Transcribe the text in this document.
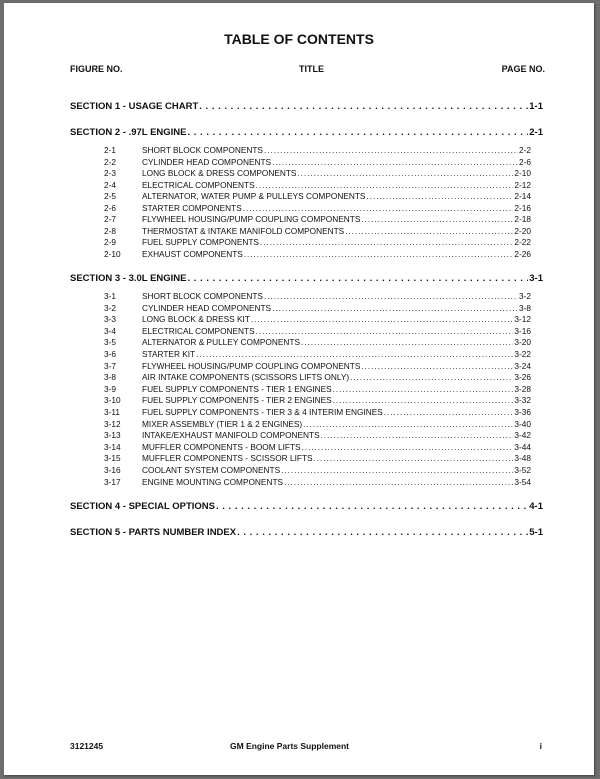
TABLE OF CONTENTS
FIGURE NO.	TITLE	PAGE NO.
SECTION 1 - USAGE CHART . . .	1-1
SECTION 2 - .97L ENGINE . . .	2-1
2-1	SHORT BLOCK COMPONENTS . . .	2-2
2-2	CYLINDER HEAD COMPONENTS . . .	2-6
2-3	LONG BLOCK & DRESS COMPONENTS . . .	2-10
2-4	ELECTRICAL COMPONENTS . . .	2-12
2-5	ALTERNATOR, WATER PUMP & PULLEYS COMPONENTS . . .	2-14
2-6	STARTER COMPONENTS . . .	2-16
2-7	FLYWHEEL HOUSING/PUMP COUPLING COMPONENTS . . .	2-18
2-8	THERMOSTAT & INTAKE MANIFOLD COMPONENTS . . .	2-20
2-9	FUEL SUPPLY COMPONENTS . . .	2-22
2-10	EXHAUST COMPONENTS . . .	2-26
SECTION 3 - 3.0L ENGINE . . .	3-1
3-1	SHORT BLOCK COMPONENTS . . .	3-2
3-2	CYLINDER HEAD COMPONENTS . . .	3-8
3-3	LONG BLOCK & DRESS KIT . . .	3-12
3-4	ELECTRICAL COMPONENTS . . .	3-16
3-5	ALTERNATOR & PULLEY COMPONENTS . . .	3-20
3-6	STARTER KIT . . .	3-22
3-7	FLYWHEEL HOUSING/PUMP COUPLING COMPONENTS . . .	3-24
3-8	AIR INTAKE COMPONENTS (SCISSORS LIFTS ONLY) . . .	3-26
3-9	FUEL SUPPLY COMPONENTS - TIER 1 ENGINES . . .	3-28
3-10	FUEL SUPPLY COMPONENTS - TIER 2 ENGINES . . .	3-32
3-11	FUEL SUPPLY COMPONENTS - TIER 3 & 4 INTERIM ENGINES . . .	3-36
3-12	MIXER ASSEMBLY (TIER 1 & 2 ENGINES) . . .	3-40
3-13	INTAKE/EXHAUST MANIFOLD COMPONENTS . . .	3-42
3-14	MUFFLER COMPONENTS - BOOM LIFTS . . .	3-44
3-15	MUFFLER COMPONENTS - SCISSOR LIFTS . . .	3-48
3-16	COOLANT SYSTEM COMPONENTS . . .	3-52
3-17	ENGINE MOUNTING COMPONENTS . . .	3-54
SECTION 4 - SPECIAL OPTIONS . . .	4-1
SECTION 5 - PARTS NUMBER INDEX . . .	5-1
3121245	GM Engine Parts Supplement	i
